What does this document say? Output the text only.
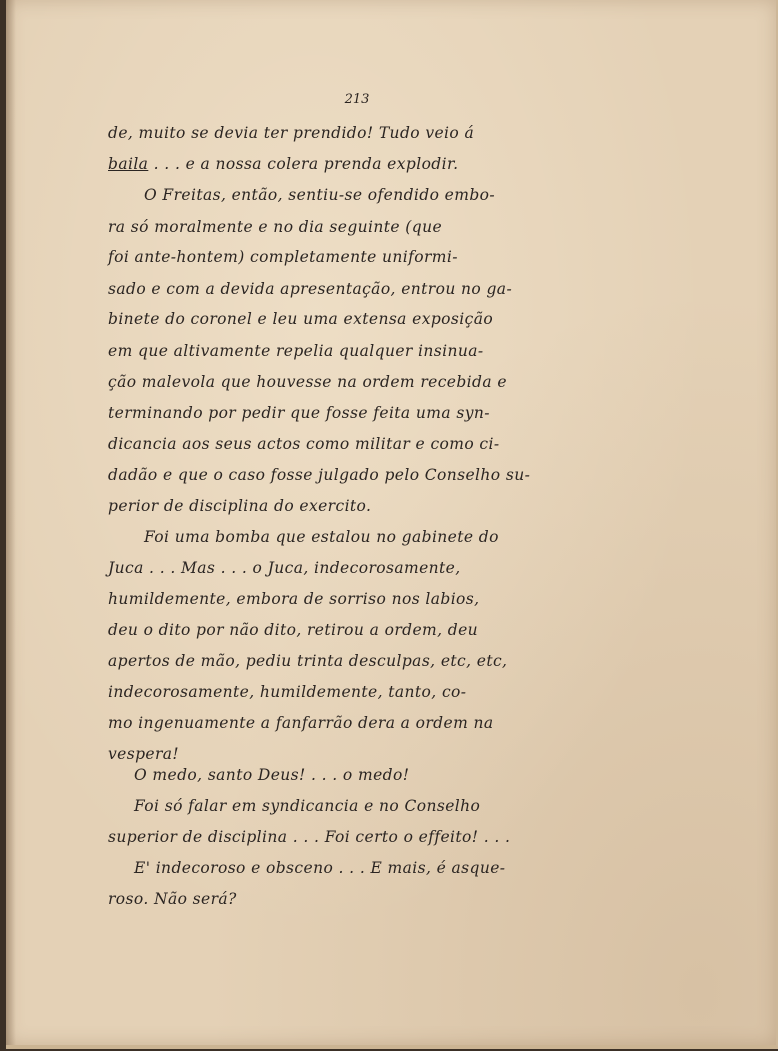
213
de, muito se devia ter prendido! Tudo veio á
baila . . . e a nossa colera prenda explodir.
O Freitas, então, sentiu-se ofendido embo-
ra só moralmente e no dia seguinte (que
foi ante-hontem) completamente uniformi-
sado e com a devida apresentação, entrou no ga-
binete do coronel e leu uma extensa exposição
em que altivamente repelia qualquer insinua-
ção malevola que houvesse na ordem recebida e
terminando por pedir que fosse feita uma syn-
dicancia aos seus actos como militar e como ci-
dadão e que o caso fosse julgado pelo Conselho su-
perior de disciplina do exercito.
Foi uma bomba que estalou no gabinete do
Juca . . . Mas . . . o Juca, indecorosamente,
humildemente, embora de sorriso nos labios,
deu o dito por não dito, retirou a ordem, deu
apertos de mão, pediu trinta desculpas, etc, etc,
indecorosamente, humildemente, tanto, co-
mo ingenuamente a fanfarrão dera a ordem na
vespera!
O medo, santo Deus! . . . o medo!
Foi só falar em syndicancia e no Conselho
superior de disciplina . . . Foi certo o effeito! . . .
E' indecoroso e obsceno . . . E mais, é asque-
roso. Não será?
